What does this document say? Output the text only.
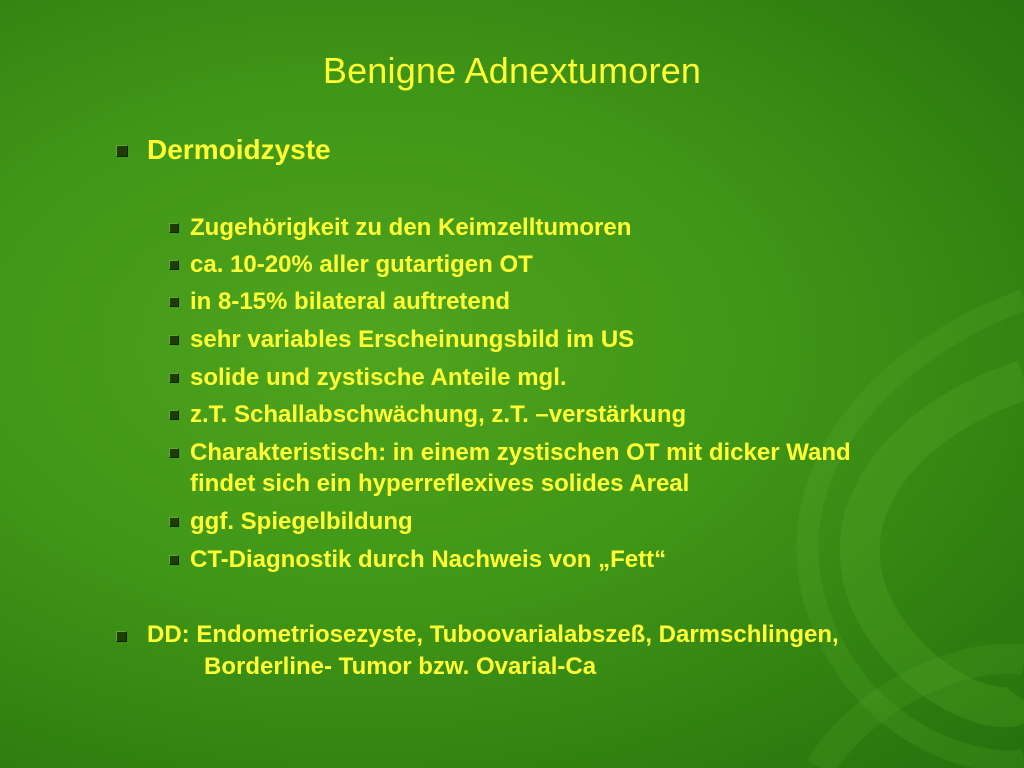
Benigne Adnextumoren
Dermoidzyste
Zugehörigkeit zu den Keimzelltumoren
ca. 10-20% aller gutartigen OT
in 8-15% bilateral auftretend
sehr variables Erscheinungsbild im US
solide und zystische Anteile mgl.
z.T. Schallabschwächung, z.T. –verstärkung
Charakteristisch: in einem zystischen OT mit dicker Wand
findet sich ein hyperreflexives solides Areal
ggf. Spiegelbildung
CT-Diagnostik durch Nachweis von „Fett“
DD: Endometriosezyste, Tuboovarialabszeß, Darmschlingen,
Borderline- Tumor bzw. Ovarial-Ca
